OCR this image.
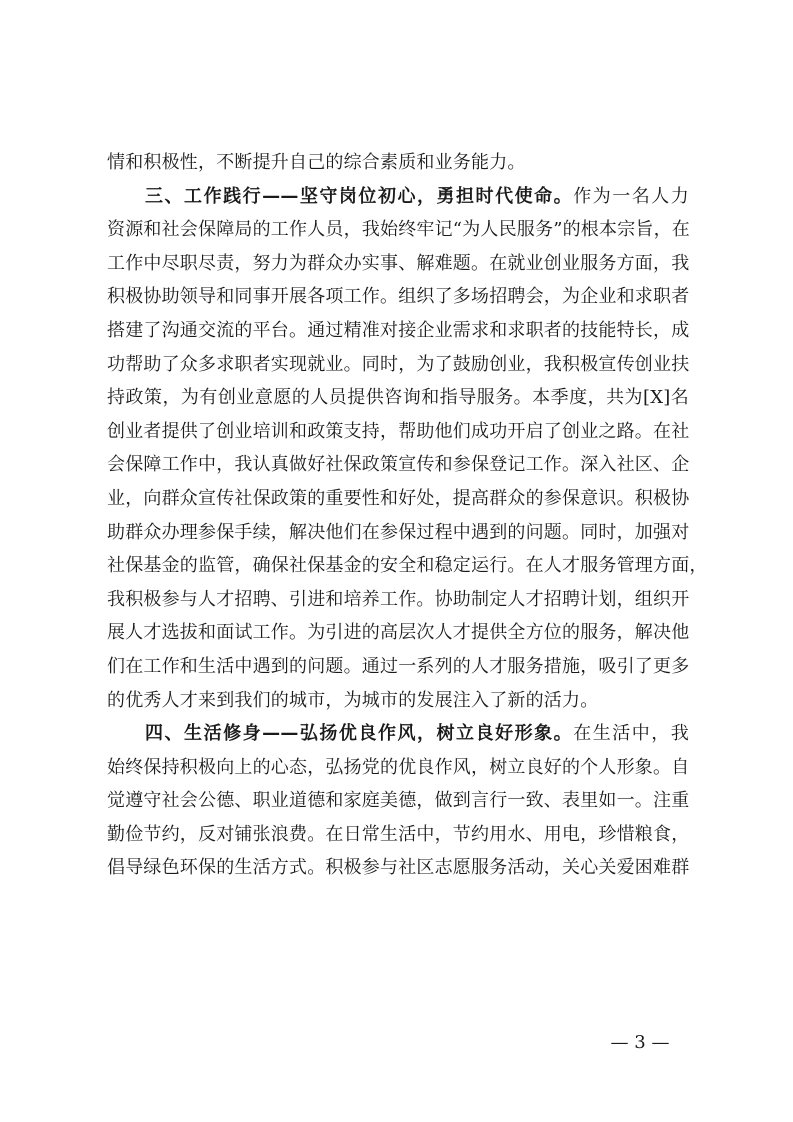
情和积极性，不断提升自己的综合素质和业务能力。
三、工作践行——坚守岗位初心，勇担时代使命。作为一名人力
资源和社会保障局的工作人员，我始终牢记“为人民服务”的根本宗旨，在
工作中尽职尽责，努力为群众办实事、解难题。在就业创业服务方面，我
积极协助领导和同事开展各项工作。组织了多场招聘会，为企业和求职者
搭建了沟通交流的平台。通过精准对接企业需求和求职者的技能特长，成
功帮助了众多求职者实现就业。同时，为了鼓励创业，我积极宣传创业扶
持政策，为有创业意愿的人员提供咨询和指导服务。本季度，共为[X]名
创业者提供了创业培训和政策支持，帮助他们成功开启了创业之路。在社
会保障工作中，我认真做好社保政策宣传和参保登记工作。深入社区、企
业，向群众宣传社保政策的重要性和好处，提高群众的参保意识。积极协
助群众办理参保手续，解决他们在参保过程中遇到的问题。同时，加强对
社保基金的监管，确保社保基金的安全和稳定运行。在人才服务管理方面，
我积极参与人才招聘、引进和培养工作。协助制定人才招聘计划，组织开
展人才选拔和面试工作。为引进的高层次人才提供全方位的服务，解决他
们在工作和生活中遇到的问题。通过一系列的人才服务措施，吸引了更多
的优秀人才来到我们的城市，为城市的发展注入了新的活力。
四、生活修身——弘扬优良作风，树立良好形象。在生活中，我
始终保持积极向上的心态，弘扬党的优良作风，树立良好的个人形象。自
觉遵守社会公德、职业道德和家庭美德，做到言行一致、表里如一。注重
勤俭节约，反对铺张浪费。在日常生活中，节约用水、用电，珍惜粮食，
倡导绿色环保的生活方式。积极参与社区志愿服务活动，关心关爱困难群
— 3 —
